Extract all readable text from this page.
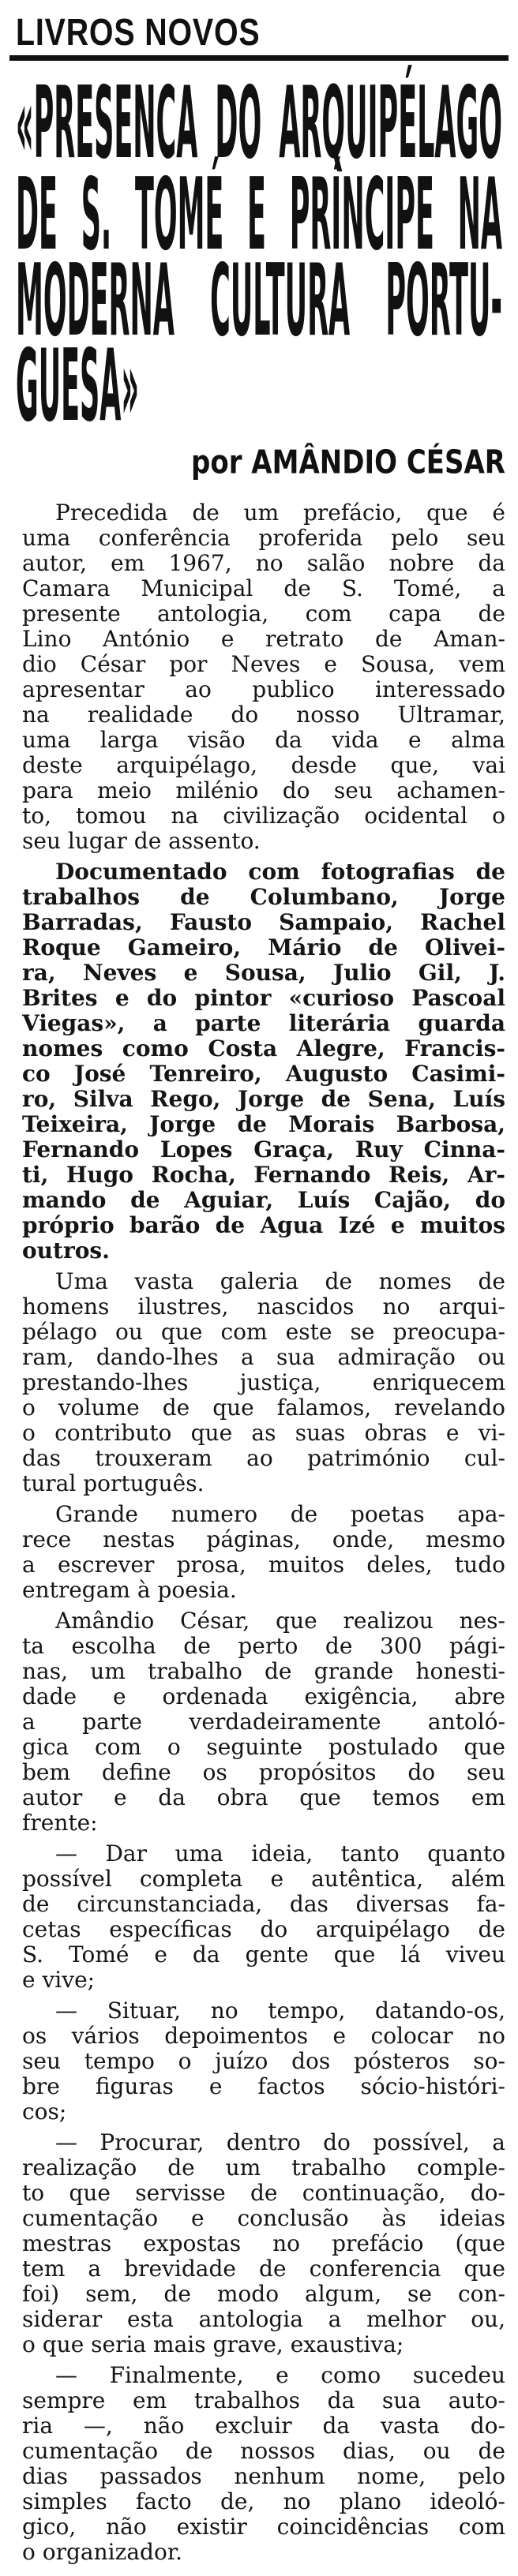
LIVROS NOVOS
«PRESENCA DO ARQUIPÉLAGO
DE S. TOMÉ E PRÍNCIPE NA
MODERNA CULTURA PORTU-
GUESA»
por AMÂNDIO CÉSAR
Precedida de um prefácio, que é
uma conferência proferida pelo seu
autor, em 1967, no salão nobre da
Camara Municipal de S. Tomé, a
presente antologia, com capa de
Lino António e retrato de Aman-
dio César por Neves e Sousa, vem
apresentar ao publico interessado
na realidade do nosso Ultramar,
uma larga visão da vida e alma
deste arquipélago, desde que, vai
para meio milénio do seu achamen-
to, tomou na civilização ocidental o
seu lugar de assento.
Documentado com fotografias de
trabalhos de Columbano, Jorge
Barradas, Fausto Sampaio, Rachel
Roque Gameiro, Mário de Olivei-
ra, Neves e Sousa, Julio Gil, J.
Brites e do pintor «curioso Pascoal
Viegas», a parte literária guarda
nomes como Costa Alegre, Francis-
co José Tenreiro, Augusto Casimi-
ro, Silva Rego, Jorge de Sena, Luís
Teixeira, Jorge de Morais Barbosa,
Fernando Lopes Graça, Ruy Cinna-
ti, Hugo Rocha, Fernando Reis, Ar-
mando de Aguiar, Luís Cajão, do
próprio barão de Agua Izé e muitos
outros.
Uma vasta galeria de nomes de
homens ilustres, nascidos no arqui-
pélago ou que com este se preocupa-
ram, dando-lhes a sua admiração ou
prestando-lhes justiça, enriquecem
o volume de que falamos, revelando
o contributo que as suas obras e vi-
das trouxeram ao património cul-
tural português.
Grande numero de poetas apa-
rece nestas páginas, onde, mesmo
a escrever prosa, muitos deles, tudo
entregam à poesia.
Amândio César, que realizou nes-
ta escolha de perto de 300 pági-
nas, um trabalho de grande honesti-
dade e ordenada exigência, abre
a parte verdadeiramente antoló-
gica com o seguinte postulado que
bem define os propósitos do seu
autor e da obra que temos em
frente:
— Dar uma ideia, tanto quanto
possível completa e autêntica, além
de circunstanciada, das diversas fa-
cetas específicas do arquipélago de
S. Tomé e da gente que lá viveu
e vive;
— Situar, no tempo, datando-os,
os vários depoimentos e colocar no
seu tempo o juízo dos pósteros so-
bre figuras e factos sócio-históri-
cos;
— Procurar, dentro do possível, a
realização de um trabalho comple-
to que servisse de continuação, do-
cumentação e conclusão às ideias
mestras expostas no prefácio (que
tem a brevidade de conferencia que
foi) sem, de modo algum, se con-
siderar esta antologia a melhor ou,
o que seria mais grave, exaustiva;
— Finalmente, e como sucedeu
sempre em trabalhos da sua auto-
ria —, não excluir da vasta do-
cumentação de nossos dias, ou de
dias passados nenhum nome, pelo
simples facto de, no plano ideoló-
gico, não existir coincidências com
o organizador.
